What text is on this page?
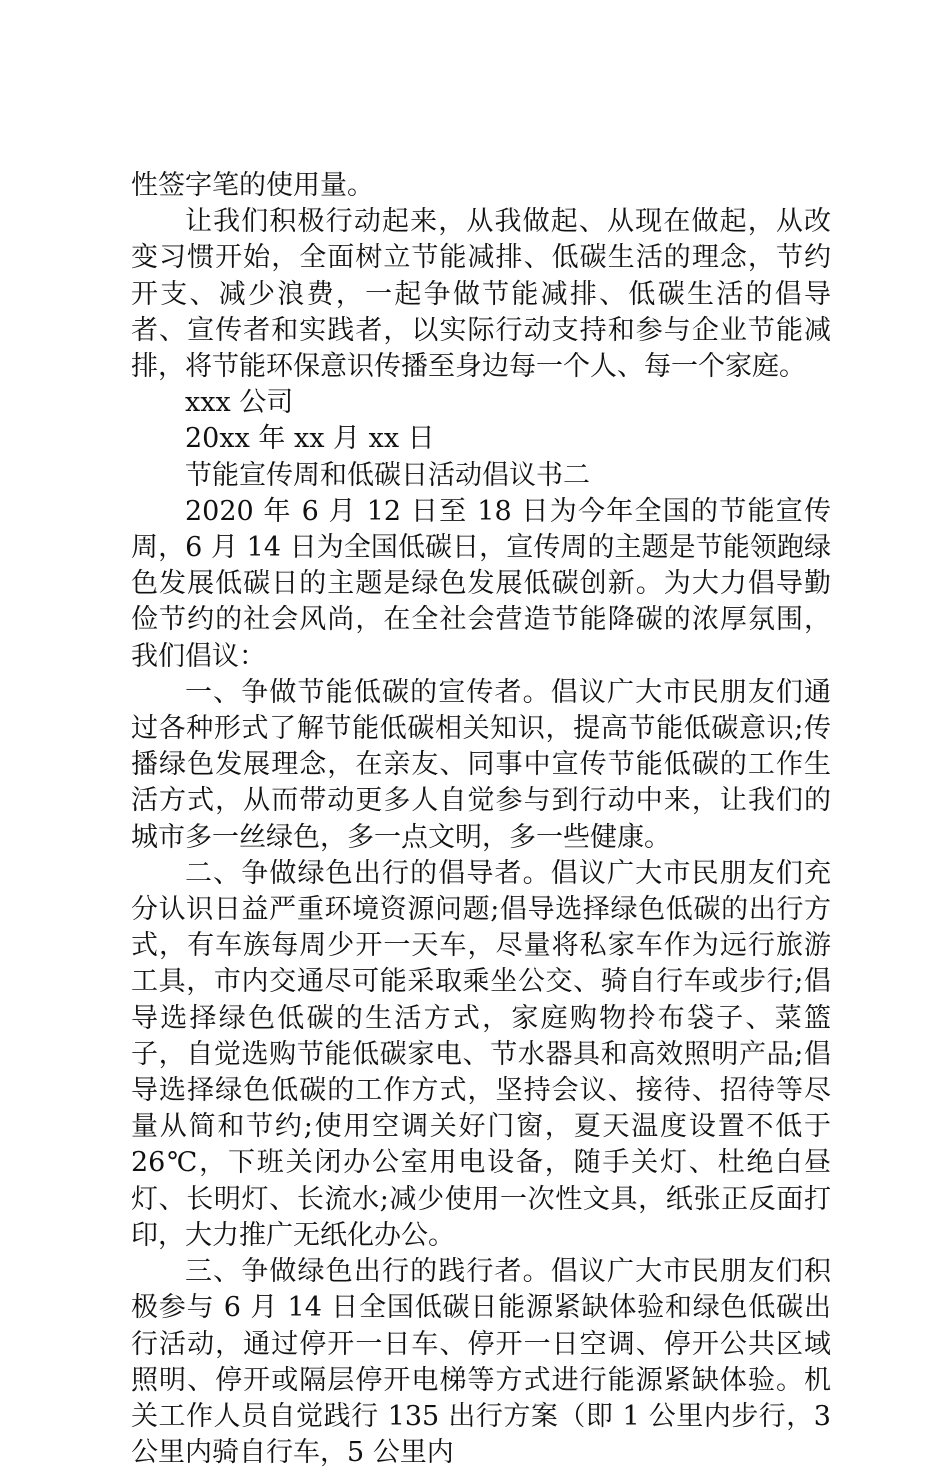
性签字笔的使用量。

让我们积极行动起来，从我做起、从现在做起，从改变习惯开始，全面树立节能减排、低碳生活的理念，节约开支、减少浪费，一起争做节能减排、低碳生活的倡导者、宣传者和实践者，以实际行动支持和参与企业节能减排，将节能环保意识传播至身边每一个人、每一个家庭。

xxx 公司

20xx 年 xx 月 xx 日

节能宣传周和低碳日活动倡议书二

2020 年 6 月 12 日至 18 日为今年全国的节能宣传周，6 月 14 日为全国低碳日，宣传周的主题是节能领跑绿色发展低碳日的主题是绿色发展低碳创新。为大力倡导勤俭节约的社会风尚，在全社会营造节能降碳的浓厚氛围，我们倡议：

一、争做节能低碳的宣传者。倡议广大市民朋友们通过各种形式了解节能低碳相关知识，提高节能低碳意识;传播绿色发展理念，在亲友、同事中宣传节能低碳的工作生活方式，从而带动更多人自觉参与到行动中来，让我们的城市多一丝绿色，多一点文明，多一些健康。

二、争做绿色出行的倡导者。倡议广大市民朋友们充分认识日益严重环境资源问题;倡导选择绿色低碳的出行方式，有车族每周少开一天车，尽量将私家车作为远行旅游工具，市内交通尽可能采取乘坐公交、骑自行车或步行;倡导选择绿色低碳的生活方式，家庭购物拎布袋子、菜篮子，自觉选购节能低碳家电、节水器具和高效照明产品;倡导选择绿色低碳的工作方式，坚持会议、接待、招待等尽量从简和节约;使用空调关好门窗，夏天温度设置不低于 26℃，下班关闭办公室用电设备，随手关灯、杜绝白昼灯、长明灯、长流水;减少使用一次性文具，纸张正反面打印，大力推广无纸化办公。

三、争做绿色出行的践行者。倡议广大市民朋友们积极参与 6 月 14 日全国低碳日能源紧缺体验和绿色低碳出行活动，通过停开一日车、停开一日空调、停开公共区域照明、停开或隔层停开电梯等方式进行能源紧缺体验。机关工作人员自觉践行 135 出行方案（即 1 公里内步行，3 公里内骑自行车，5 公里内
